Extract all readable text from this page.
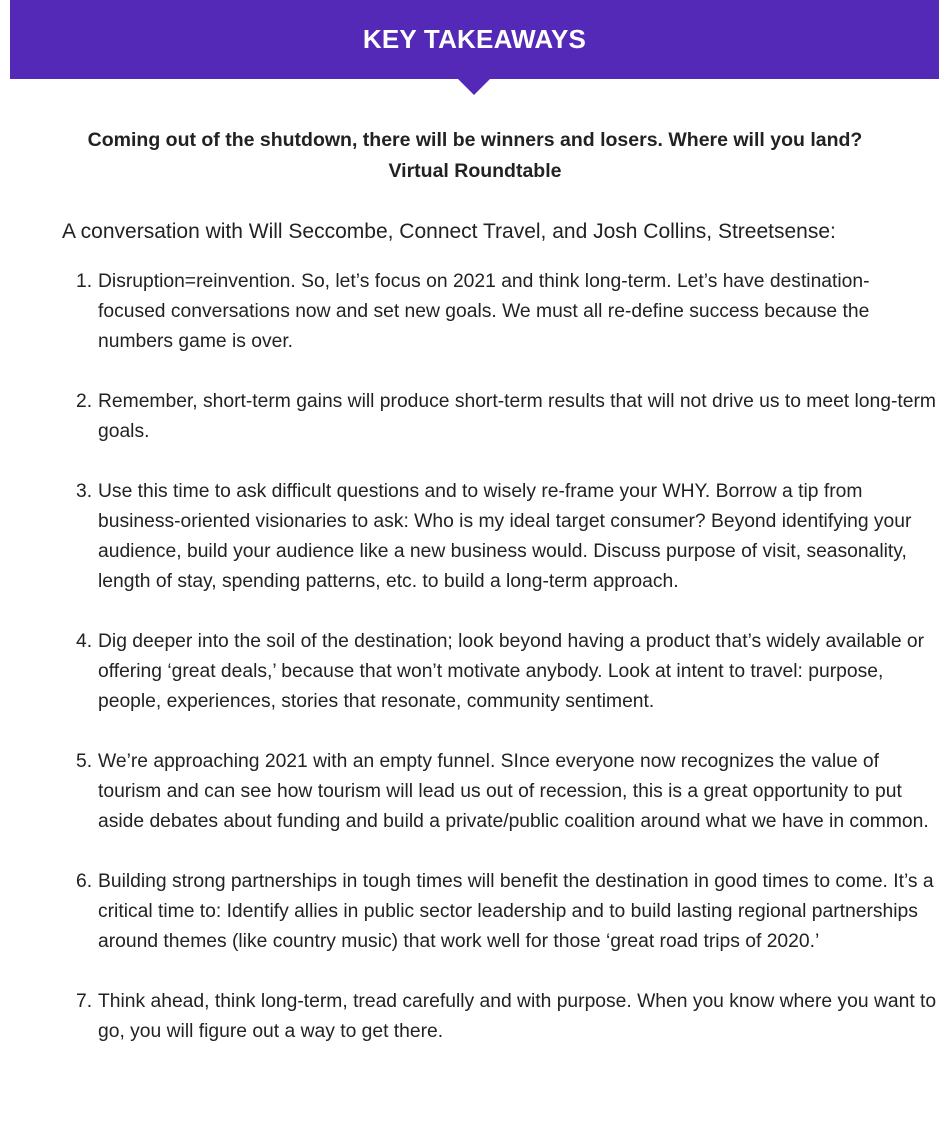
KEY TAKEAWAYS

Coming out of the shutdown, there will be winners and losers. Where will you land?
Virtual Roundtable

A conversation with Will Seccombe, Connect Travel, and Josh Collins, Streetsense:

1. Disruption=reinvention. So, let’s focus on 2021 and think long-term. Let’s have destination-focused conversations now and set new goals. We must all re-define success because the numbers game is over.
2. Remember, short-term gains will produce short-term results that will not drive us to meet long-term goals.
3. Use this time to ask difficult questions and to wisely re-frame your WHY. Borrow a tip from business-oriented visionaries to ask: Who is my ideal target consumer? Beyond identifying your audience, build your audience like a new business would. Discuss purpose of visit, seasonality, length of stay, spending patterns, etc. to build a long-term approach.
4. Dig deeper into the soil of the destination; look beyond having a product that’s widely available or offering ‘great deals,’ because that won’t motivate anybody. Look at intent to travel: purpose, people, experiences, stories that resonate, community sentiment.
5. We’re approaching 2021 with an empty funnel. SInce everyone now recognizes the value of tourism and can see how tourism will lead us out of recession, this is a great opportunity to put aside debates about funding and build a private/public coalition around what we have in common.
6. Building strong partnerships in tough times will benefit the destination in good times to come. It’s a critical time to: Identify allies in public sector leadership and to build lasting regional partnerships around themes (like country music) that work well for those ‘great road trips of 2020.’
7. Think ahead, think long-term, tread carefully and with purpose. When you know where you want to go, you will figure out a way to get there.
